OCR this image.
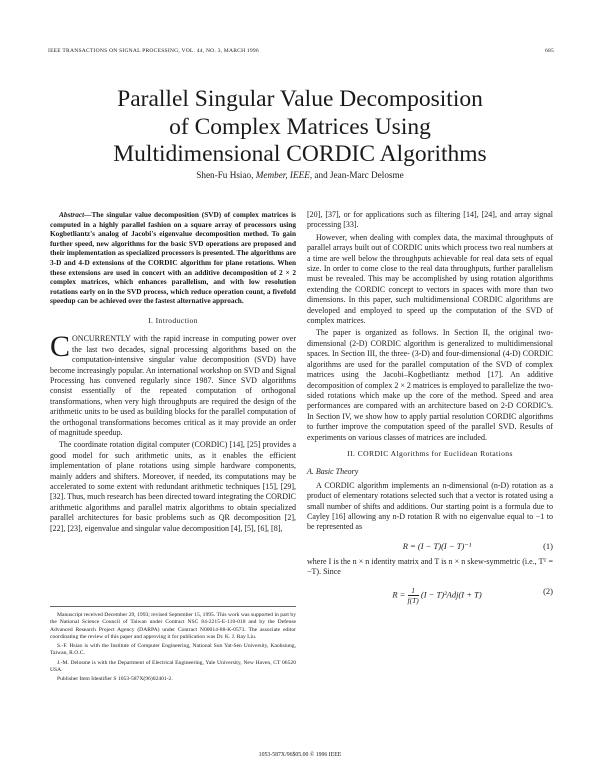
IEEE TRANSACTIONS ON SIGNAL PROCESSING, VOL. 44, NO. 3, MARCH 1996	685
Parallel Singular Value Decomposition
of Complex Matrices Using
Multidimensional CORDIC Algorithms
Shen-Fu Hsiao, Member, IEEE, and Jean-Marc Delosme

Abstract—The singular value decomposition (SVD) of complex matrices is computed in a highly parallel fashion on a square array of processors using Kogbetliantz's analog of Jacobi's eigenvalue decomposition method. To gain further speed, new algorithms for the basic SVD operations are proposed and their implementation as specialized processors is presented. The algorithms are 3-D and 4-D extensions of the CORDIC algorithm for plane rotations. When these extensions are used in concert with an additive decomposition of 2 × 2 complex matrices, which enhances parallelism, and with low resolution rotations early on in the SVD process, which reduce operation count, a fivefold speedup can be achieved over the fastest alternative approach.

I. Introduction

CONCURRENTLY with the rapid increase in computing power over the last two decades, signal processing algorithms based on the computation-intensive singular value decomposition (SVD) have become increasingly popular. An international workshop on SVD and Signal Processing has convened regularly since 1987. Since SVD algorithms consist essentially of the repeated computation of orthogonal transformations, when very high throughputs are required the design of the arithmetic units to be used as building blocks for the parallel computation of the orthogonal transformations becomes critical as it may provide an order of magnitude speedup.

The coordinate rotation digital computer (CORDIC) [14], [25] provides a good model for such arithmetic units, as it enables the efficient implementation of plane rotations using simple hardware components, mainly adders and shifters. Moreover, if needed, its computations may be accelerated to some extent with redundant arithmetic techniques [15], [29], [32]. Thus, much research has been directed toward integrating the CORDIC arithmetic algorithms and parallel matrix algorithms to obtain specialized parallel architectures for basic problems such as QR decomposition [2], [22], [23], eigenvalue and singular value decomposition [4], [5], [6], [8],

Manuscript received December 29, 1993; revised September 15, 1995. This work was supported in part by the National Science Council of Taiwan under Contract NSC 84-2215-E-110-018 and by the Defense Advanced Research Project Agency (DARPA) under Contract N00014-88-K-0573. The associate editor coordinating the review of this paper and approving it for publication was Dr. K. J. Ray Liu.

S.-F. Hsiao is with the Institute of Computer Engineering, National Sun Yat-Sen University, Kaohsiung, Taiwan, R.O.C.

J.-M. Delosme is with the Department of Electrical Engineering, Yale University, New Haven, CT 06520 USA.

Publisher Item Identifier S 1053-587X(96)02401-2.

[20], [37], or for applications such as filtering [14], [24], and array signal processing [33].

However, when dealing with complex data, the maximal throughputs of parallel arrays built out of CORDIC units which process two real numbers at a time are well below the throughputs achievable for real data sets of equal size. In order to come close to the real data throughputs, further parallelism must be revealed. This may be accomplished by using rotation algorithms extending the CORDIC concept to vectors in spaces with more than two dimensions. In this paper, such multidimensional CORDIC algorithms are developed and employed to speed up the computation of the SVD of complex matrices.

The paper is organized as follows. In Section II, the original two-dimensional (2-D) CORDIC algorithm is generalized to multidimensional spaces. In Section III, the three- (3-D) and four-dimensional (4-D) CORDIC algorithms are used for the parallel computation of the SVD of complex matrices using the Jacobi–Kogbetliantz method [17]. An additive decomposition of complex 2 × 2 matrices is employed to parallelize the two-sided rotations which make up the core of the method. Speed and area performances are compared with an architecture based on 2-D CORDIC's. In Section IV, we show how to apply partial resolution CORDIC algorithms to further improve the computation speed of the parallel SVD. Results of experiments on various classes of matrices are included.

II. CORDIC Algorithms for Euclidean Rotations
A. Basic Theory

A CORDIC algorithm implements an n-dimensional (n-D) rotation as a product of elementary rotations selected such that a vector is rotated using a small number of shifts and additions. Our starting point is a formula due to Cayley [16] allowing any n-D rotation R with no eigenvalue equal to −1 to be represented as

R = (I − T)(I − T)⁻¹	(1)

where I is the n × n identity matrix and T is n × n skew-symmetric (i.e., Tᵀ = −T). Since

$R = \frac{1}{f(T)} (I - T)^2Adj(I + T)$	(2)
1053-587X/96$05.00 © 1996 IEEE
